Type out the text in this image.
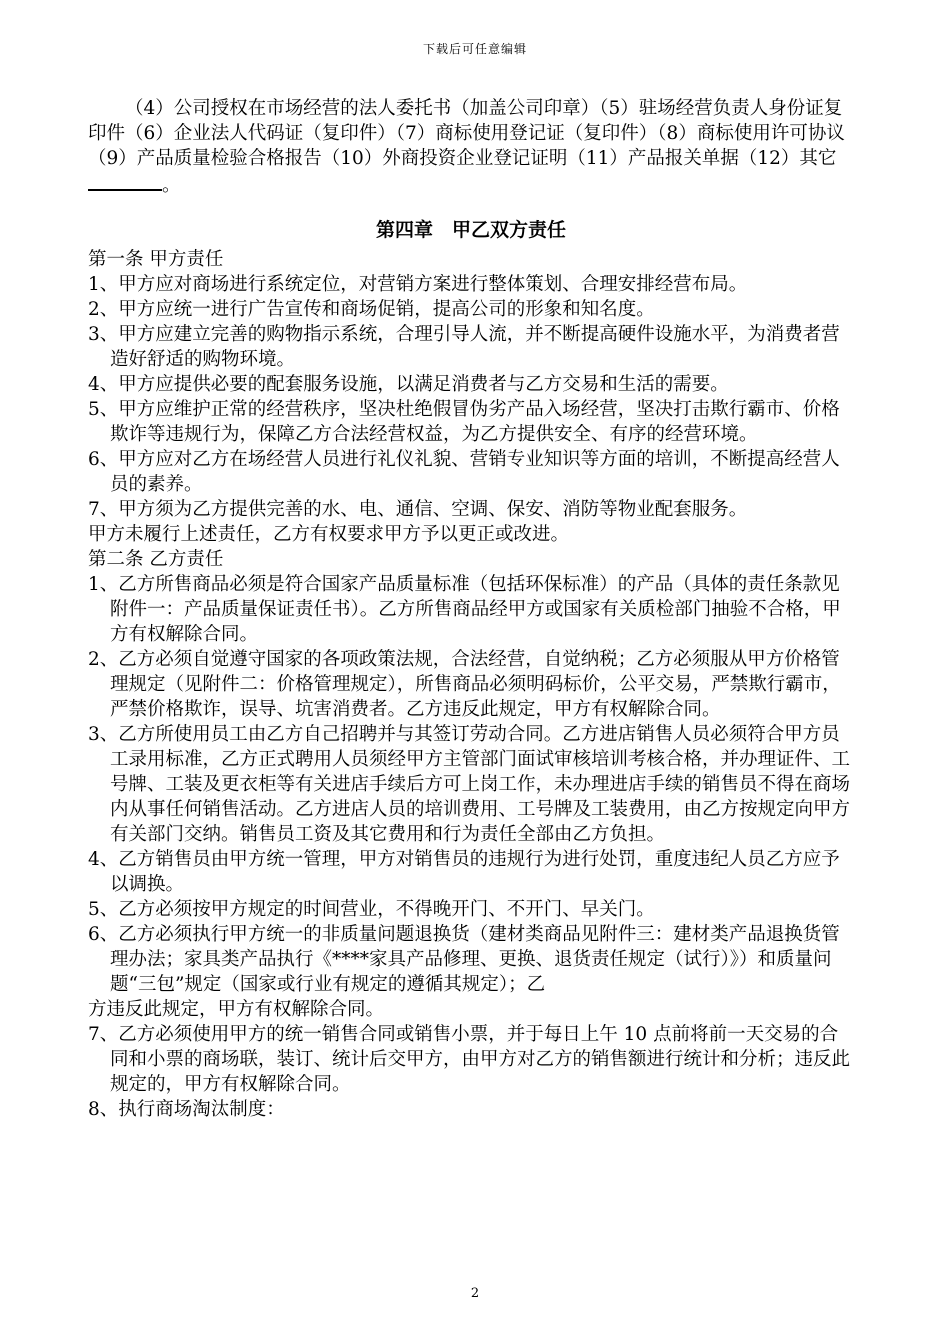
下载后可任意编辑

（4）公司授权在市场经营的法人委托书（加盖公司印章）（5）驻场经营负责人身份证复印件（6）企业法人代码证（复印件）（7）商标使用登记证（复印件）（8）商标使用许可协议（9）产品质量检验合格报告（10）外商投资企业登记证明（11）产品报关单据（12）其它。

第四章　甲乙双方责任

第一条 甲方责任

1、甲方应对商场进行系统定位，对营销方案进行整体策划、合理安排经营布局。

2、甲方应统一进行广告宣传和商场促销，提高公司的形象和知名度。

3、甲方应建立完善的购物指示系统，合理引导人流，并不断提高硬件设施水平，为消费者营造好舒适的购物环境。

4、甲方应提供必要的配套服务设施，以满足消费者与乙方交易和生活的需要。

5、甲方应维护正常的经营秩序，坚决杜绝假冒伪劣产品入场经营，坚决打击欺行霸市、价格欺诈等违规行为，保障乙方合法经营权益，为乙方提供安全、有序的经营环境。

6、甲方应对乙方在场经营人员进行礼仪礼貌、营销专业知识等方面的培训，不断提高经营人员的素养。

7、甲方须为乙方提供完善的水、电、通信、空调、保安、消防等物业配套服务。

甲方未履行上述责任，乙方有权要求甲方予以更正或改进。

第二条 乙方责任

1、乙方所售商品必须是符合国家产品质量标准（包括环保标准）的产品（具体的责任条款见附件一：产品质量保证责任书）。乙方所售商品经甲方或国家有关质检部门抽验不合格，甲方有权解除合同。

2、乙方必须自觉遵守国家的各项政策法规，合法经营，自觉纳税；乙方必须服从甲方价格管理规定（见附件二：价格管理规定），所售商品必须明码标价，公平交易，严禁欺行霸市，严禁价格欺诈，误导、坑害消费者。乙方违反此规定，甲方有权解除合同。

3、乙方所使用员工由乙方自己招聘并与其签订劳动合同。乙方进店销售人员必须符合甲方员工录用标准，乙方正式聘用人员须经甲方主管部门面试审核培训考核合格，并办理证件、工号牌、工装及更衣柜等有关进店手续后方可上岗工作，未办理进店手续的销售员不得在商场内从事任何销售活动。乙方进店人员的培训费用、工号牌及工装费用，由乙方按规定向甲方有关部门交纳。销售员工资及其它费用和行为责任全部由乙方负担。

4、乙方销售员由甲方统一管理，甲方对销售员的违规行为进行处罚，重度违纪人员乙方应予以调换。

5、乙方必须按甲方规定的时间营业，不得晚开门、不开门、早关门。

6、乙方必须执行甲方统一的非质量问题退换货（建材类商品见附件三：建材类产品退换货管理办法；家具类产品执行《****家具产品修理、更换、退货责任规定（试行）》）和质量问题“三包”规定（国家或行业有规定的遵循其规定）；乙

方违反此规定，甲方有权解除合同。

7、乙方必须使用甲方的统一销售合同或销售小票，并于每日上午 10 点前将前一天交易的合同和小票的商场联，装订、统计后交甲方，由甲方对乙方的销售额进行统计和分析；违反此规定的，甲方有权解除合同。

8、执行商场淘汰制度：

2
